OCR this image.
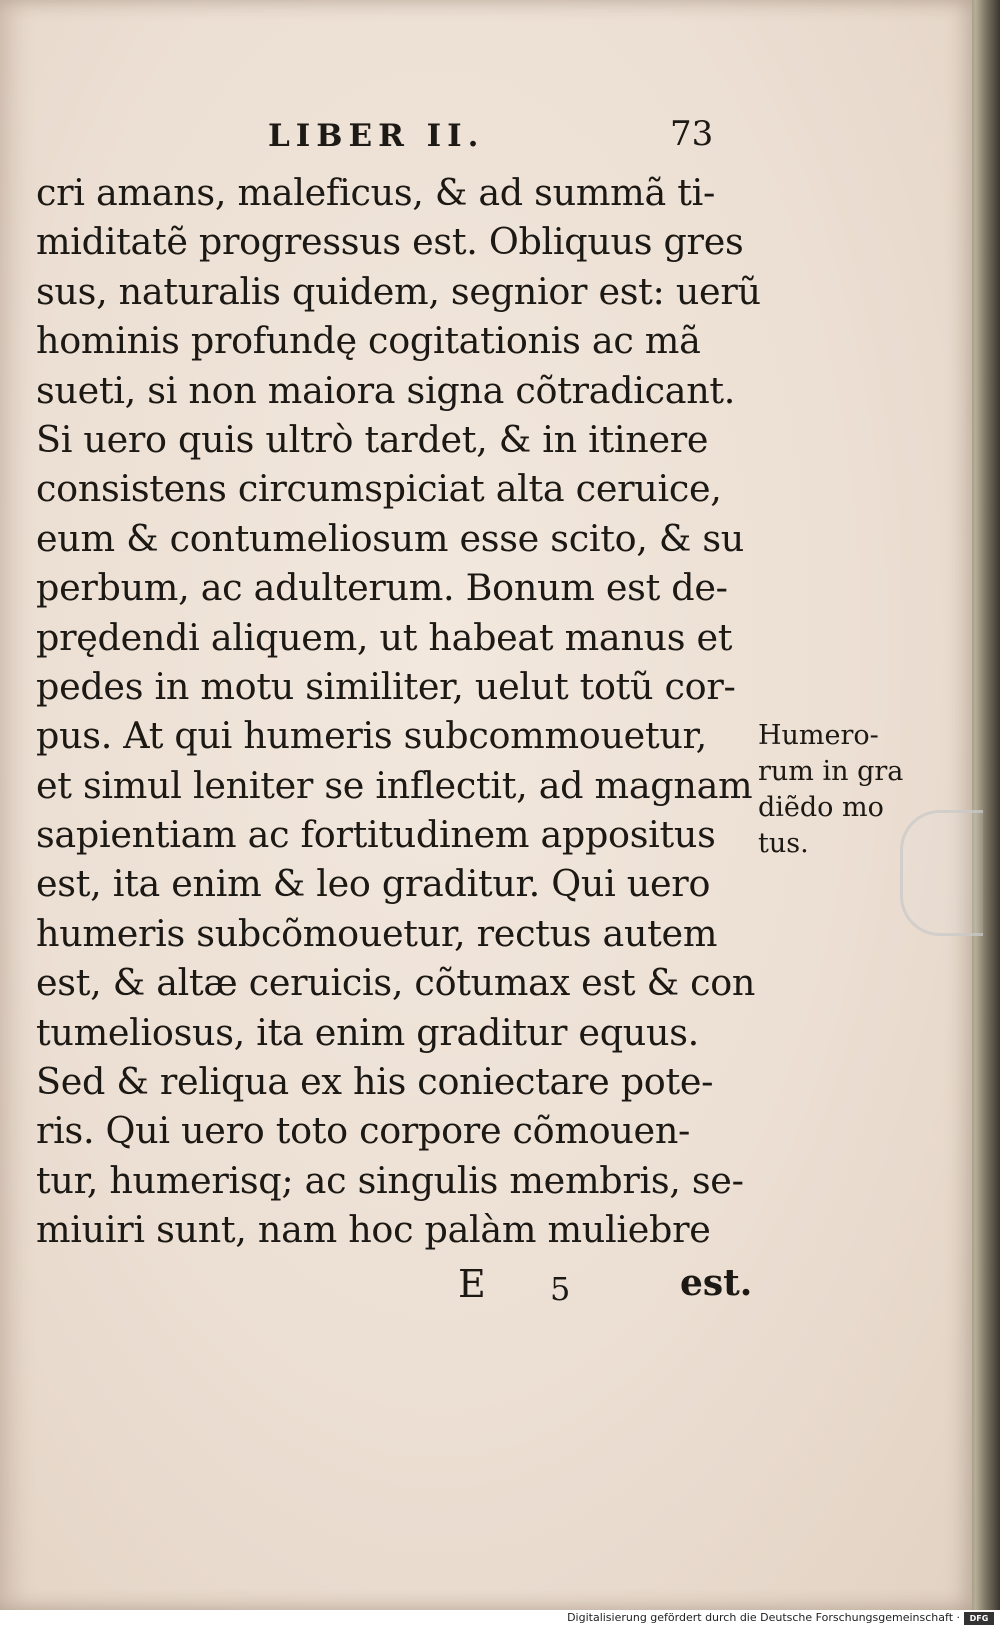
LIBER II.	73
cri amans, maleficus, & ad summã ti-
miditatẽ progressus est. Obliquus gres
sus, naturalis quidem, segnior est: uerũ
hominis profundę cogitationis ac mã
sueti, si non maiora signa cõtradicant.
Si uero quis ultrò tardet, & in itinere
consistens circumspiciat alta ceruice,
eum & contumeliosum esse scito, & su
perbum, ac adulterum. Bonum est de-
prędendi aliquem, ut habeat manus et
pedes in motu similiter, uelut totũ cor-
pus. At qui humeris subcommouetur,
et simul leniter se inflectit, ad magnam
sapientiam ac fortitudinem appositus
est, ita enim & leo graditur. Qui uero
humeris subcõmouetur, rectus autem
est, & altæ ceruicis, cõtumax est & con
tumeliosus, ita enim graditur equus.
Sed & reliqua ex his coniectare pote-
ris. Qui uero toto corpore cõmouen-
tur, humerisq; ac singulis membris, se-
miuiri sunt, nam hoc palàm muliebre
Humero-
rum in gra
diẽdo mo
tus.
E 5	est.
Digitalisierung gefördert durch die Deutsche Forschungsgemeinschaft ·	DFG
